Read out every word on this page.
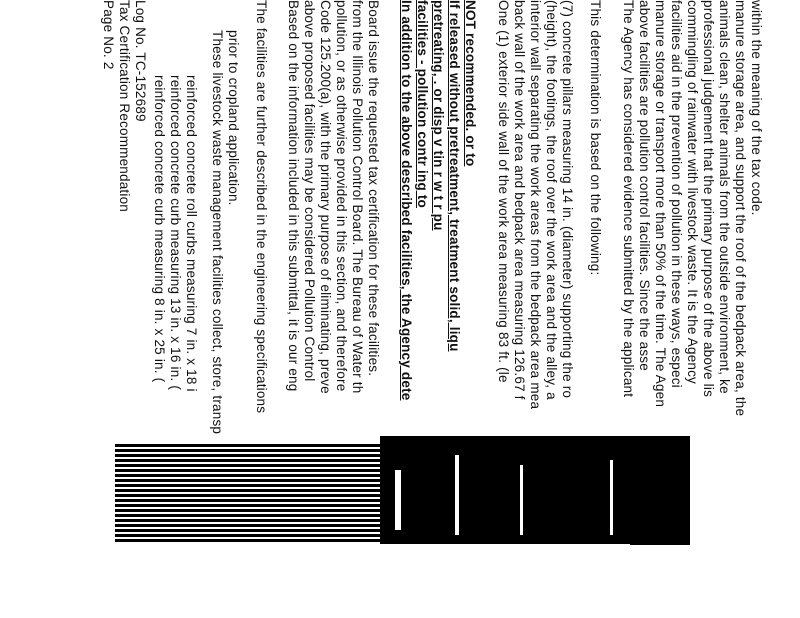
Page No. 2 Tax Certification Recommendation Log No. TC-152689
reinforced concrete curb measuring 8 in. x 25 in. ( reinforced concrete curb measuring 13 in. x 16 in. ( reinforced concrete roll curbs measuring 7 in. x 18 i These livestock waste management facilities collect, store, transp prior to cropland application. The facilities are further described in the engineering specifications Based on the information included in this submittal, it is our eng above proposed facilities may be considered Pollution Control Code 125.200(a), with the primary purpose of eliminating, preve pollution, or as otherwise provided in this section, and therefore from the Illinois Pollution Control Board. The Bureau of Water th Board issue the requested tax certification for these facilities. In addition to the above described facilities, the Agency dete facilities - pollution contr ing to pretreating, . or disp v tin r w t r pu If released without pretreatment, treatment solid, liqu NOT recommended. or to One (1) exterior side wall of the work area measuring 83 ft. (le back wall of the work area and bedpack area measuring 126.67 f interior wall separating the work areas from the bedpack area mea (height), the footings, the roof over the work area and the alley, a (7) concrete pillars measuring 14 in. (diameter) supporting the ro This determination is based on the following: The Agency has considered evidence submitted by the applicant above facilities are pollution control facilities. Since the asse manure storage or transport more than 50% of the time. The Agen facilities aid in the prevention of pollution in these ways, especi commingling of rainwater with livestock waste. It is the Agency professional judgement that the primary purpose of the above lis animals clean, shelter animals from the outside environment, ke manure storage area, and support the roof of the bedpack area, the within the meaning of the tax code.
